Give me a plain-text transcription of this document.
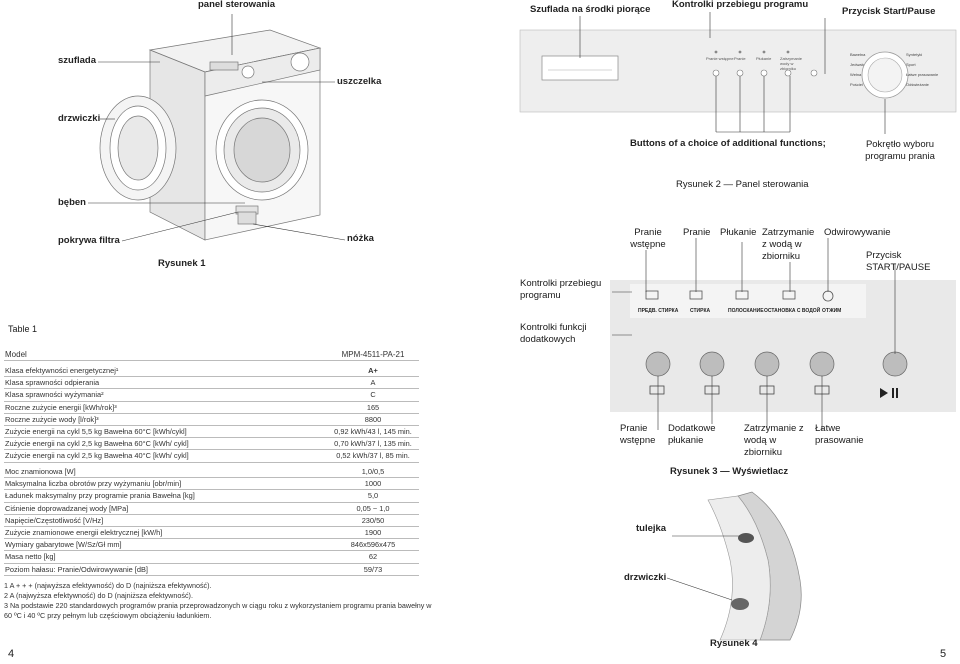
panel sterowania
szuflada
uszczelka
drzwiczki
bęben
pokrywa filtra	nóżka
Rysunek 1
Szuflada na środki piorące Kontrolki przebiegu programu
Przycisk Start/Pause
Pranie wstępne Pranie	Płukanie Zatrzymanie wody w zbiorniku
Bawełna
Jedwab
Wełna
Pościel
Syntetyki
Sport
Łatwe prasowanie
Odświeżanie
Buttons of a choice of additional functions;	Pokrętło wyboru programu prania
Rysunek 2 — Panel sterowania
Pranie wstępne
Pranie Płukanie Zatrzymanie z wodą w zbiorniku
Odwirowywanie
Przycisk START/PAUSE
Kontrolki przebiegu programu
Kontrolki funkcji dodatkowych
ПРЕДВ. СТИРКА СТИРКА	ПОЛОСКАНИЕ ОСТАНОВКА С ВОДОЙ ОТЖИМ
Pranie wstępne
Dodatkowe płukanie
Zatrzymanie z wodą w zbiorniku
Łatwe prasowanie
Rysunek 3 — Wyświetlacz
tulejka
drzwiczki
Rysunek 4
Table 1
Model	MPM-4511-PA-21
Klasa efektywności energetycznej¹	A+
Klasa sprawności odpierania	A
Klasa sprawności wyżymania²	C
Roczne zużycie energii [kWh/rok]³	165
Roczne zużycie wody [l/rok]³	8800
Zużycie energii na cykl 5,5 kg Bawełna 60°C [kWh/cykl]	0,92 kWh/43 l, 145 min.
Zużycie energii na cykl 2,5 kg Bawełna 60°C [kWh/ cykl]	0,70 kWh/37 l, 135 min.
Zużycie energii na cykl 2,5 kg Bawełna 40°C [kWh/ cykl]	0,52 kWh/37 l, 85 min.
Moc znamionowa [W]	1,0/0,5
Maksymalna liczba obrotów przy wyżymaniu [obr/min]	1000
Ładunek maksymalny przy programie prania Bawełna [kg]	5,0
Ciśnienie doprowadzanej wody [MPa]	0,05 ~ 1,0
Napięcie/Częstotliwość [V/Hz]	230/50
Zużycie znamionowe energii elektrycznej [kW/h]	1900
Wymiary gabarytowe [W/Sz/Gł mm]	846x596x475
Masa netto [kg]	62
Poziom hałasu: Pranie/Odwirowywanie [dB]	59/73
1 A + + + (najwyższa efektywność) do D (najniższa efektywność).
2 A (najwyższa efektywność) do D (najniższa efektywność).
3 Na podstawie 220 standardowych programów prania przeprowadzonych w ciągu roku z wykorzystaniem programu prania bawełny w 60 ºC i 40 ºC przy pełnym lub częściowym obciążeniu ładunkiem.
4	5
